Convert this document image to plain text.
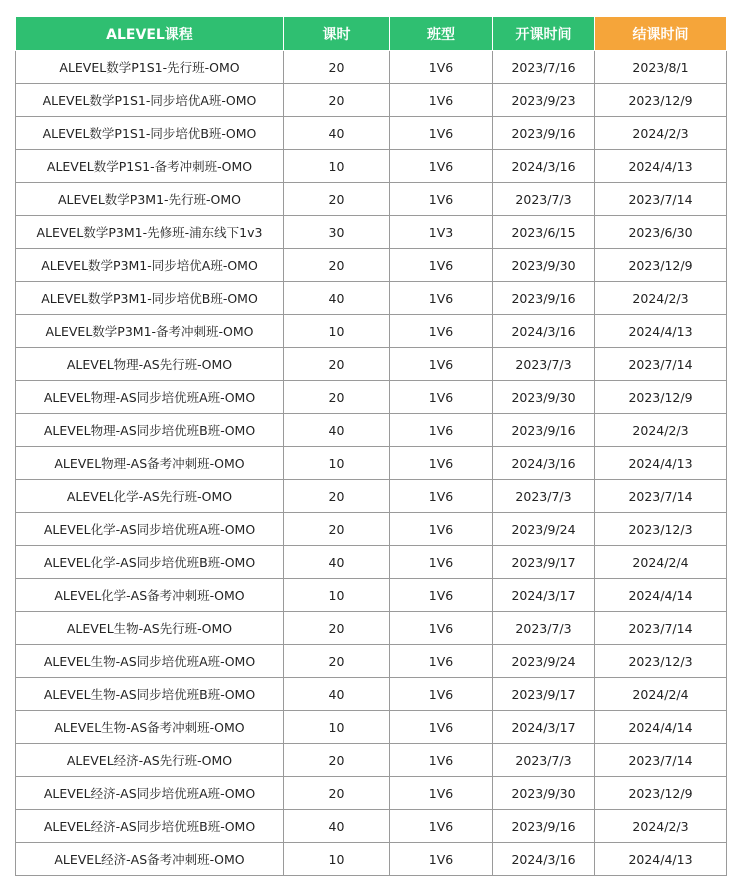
ALEVEL课程	课时	班型	开课时间	结课时间
ALEVEL数学P1S1-先行班-OMO	20	1V6	2023/7/16	2023/8/1
ALEVEL数学P1S1-同步培优A班-OMO	20	1V6	2023/9/23	2023/12/9
ALEVEL数学P1S1-同步培优B班-OMO	40	1V6	2023/9/16	2024/2/3
ALEVEL数学P1S1-备考冲刺班-OMO	10	1V6	2024/3/16	2024/4/13
ALEVEL数学P3M1-先行班-OMO	20	1V6	2023/7/3	2023/7/14
ALEVEL数学P3M1-先修班-浦东线下1v3	30	1V3	2023/6/15	2023/6/30
ALEVEL数学P3M1-同步培优A班-OMO	20	1V6	2023/9/30	2023/12/9
ALEVEL数学P3M1-同步培优B班-OMO	40	1V6	2023/9/16	2024/2/3
ALEVEL数学P3M1-备考冲刺班-OMO	10	1V6	2024/3/16	2024/4/13
ALEVEL物理-AS先行班-OMO	20	1V6	2023/7/3	2023/7/14
ALEVEL物理-AS同步培优班A班-OMO	20	1V6	2023/9/30	2023/12/9
ALEVEL物理-AS同步培优班B班-OMO	40	1V6	2023/9/16	2024/2/3
ALEVEL物理-AS备考冲刺班-OMO	10	1V6	2024/3/16	2024/4/13
ALEVEL化学-AS先行班-OMO	20	1V6	2023/7/3	2023/7/14
ALEVEL化学-AS同步培优班A班-OMO	20	1V6	2023/9/24	2023/12/3
ALEVEL化学-AS同步培优班B班-OMO	40	1V6	2023/9/17	2024/2/4
ALEVEL化学-AS备考冲刺班-OMO	10	1V6	2024/3/17	2024/4/14
ALEVEL生物-AS先行班-OMO	20	1V6	2023/7/3	2023/7/14
ALEVEL生物-AS同步培优班A班-OMO	20	1V6	2023/9/24	2023/12/3
ALEVEL生物-AS同步培优班B班-OMO	40	1V6	2023/9/17	2024/2/4
ALEVEL生物-AS备考冲刺班-OMO	10	1V6	2024/3/17	2024/4/14
ALEVEL经济-AS先行班-OMO	20	1V6	2023/7/3	2023/7/14
ALEVEL经济-AS同步培优班A班-OMO	20	1V6	2023/9/30	2023/12/9
ALEVEL经济-AS同步培优班B班-OMO	40	1V6	2023/9/16	2024/2/3
ALEVEL经济-AS备考冲刺班-OMO	10	1V6	2024/3/16	2024/4/13
